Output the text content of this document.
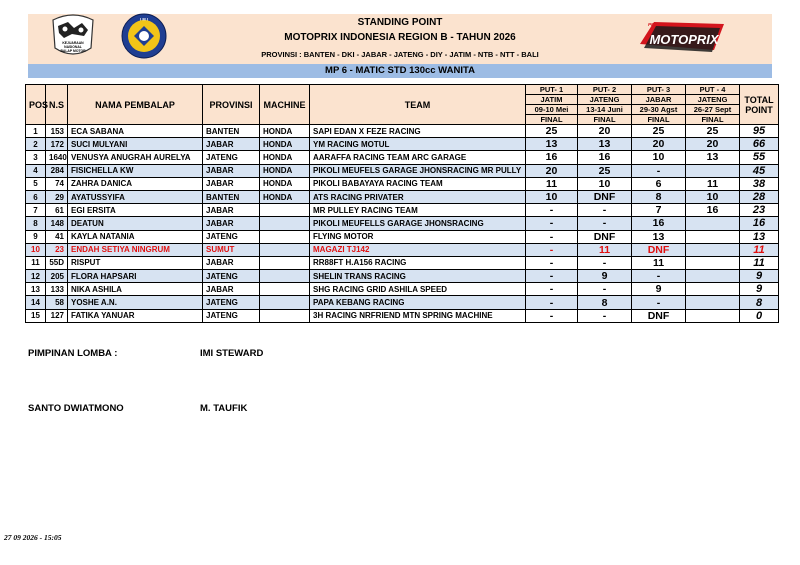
STANDING POINT
MOTOPRIX INDONESIA REGION B - TAHUN 2026
PROVINSI : BANTEN - DKI - JABAR - JATENG - DIY - JATIM - NTB - NTT - BALI
KEJUARAAN
NASIONAL
BALAP MOTOR
I M I
PERTAMAX
MOTOPRIX
MP 6 - MATIC STD 130cc WANITA
POS	N.S	NAMA PEMBALAP	PROVINSI	MACHINE	TEAM	PUT- 1	PUT- 2	PUT- 3	PUT - 4	TOTAL
POINT

						JATIM	JATENG	JABAR	JATENG	
						09-10 Mei	13-14 Juni	29-30 Agst	26-27 Sept	
						FINAL	FINAL	FINAL	FINAL	
1	153	ECA SABANA	BANTEN	HONDA	SAPI EDAN X FEZE RACING	25	20	25	25	95
2	172	SUCI MULYANI	JABAR	HONDA	YM RACING MOTUL	13	13	20	20	66
3	1640	VENUSYA ANUGRAH AURELYA	JATENG	HONDA	AARAFFA RACING TEAM ARC GARAGE	16	16	10	13	55
4	284	FISICHELLA KW	JABAR	HONDA	PIKOLI MEUFELS GARAGE JHONSRACING MR PULLY	20	25	-		45
5	74	ZAHRA DANICA	JABAR	HONDA	PIKOLI BABAYAYA RACING TEAM	11	10	6	11	38
6	29	AYATUSSYIFA	BANTEN	HONDA	ATS RACING PRIVATER	10	DNF	8	10	28
7	61	EGI ERSITA	JABAR		MR PULLEY RACING TEAM	-	-	7	16	23
8	148	DEATUN	JABAR		PIKOLI MEUFELLS GARAGE JHONSRACING	-	-	16		16
9	41	KAYLA NATANIA	JATENG		FLYING MOTOR	-	DNF	13		13
10	23	ENDAH SETIYA NINGRUM	SUMUT		MAGAZI TJ142	-	11	DNF		11
11	55D	RISPUT	JABAR		RR88FT H.A156 RACING	-	-	11		11
12	205	FLORA HAPSARI	JATENG		SHELIN TRANS RACING	-	9	-		9
13	133	NIKA ASHILA	JABAR		SHG RACING GRID ASHILA SPEED	-	-	9		9
14	58	YOSHE A.N.	JATENG		PAPA KEBANG RACING	-	8	-		8
15	127	FATIKA YANUAR	JATENG		3H RACING NRFRIEND MTN SPRING MACHINE	-	-	DNF		0
PIMPINAN LOMBA :	IMI STEWARD
SANTO DWIATMONO	M. TAUFIK
27 09 2026 - 15:05
